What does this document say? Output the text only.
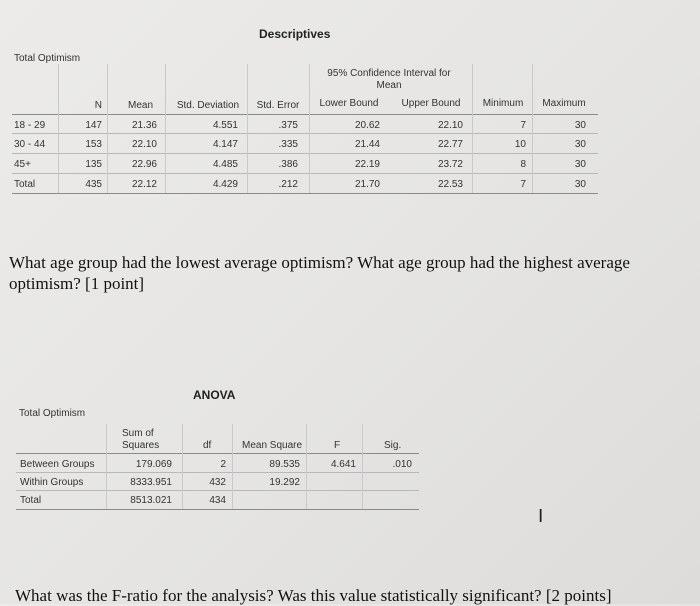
Descriptives
Total Optimism
95% Confidence Interval for
Mean
N	Mean	Std. Deviation	Std. Error	Lower Bound	Upper Bound	Minimum	Maximum
18 - 29	147	21.36	4.551	.375	20.62	22.10	7	30
30 - 44	153	22.10	4.147	.335	21.44	22.77	10	30
45+	135	22.96	4.485	.386	22.19	23.72	8	30
Total	435	22.12	4.429	.212	21.70	22.53	7	30
What age group had the lowest average optimism? What age group had the highest average optimism? [1 point]
ANOVA
Total Optimism
Sum of
Squares	df	Mean Square	F	Sig.
Between Groups	179.069	2	89.535	4.641	.010
Within Groups	8333.951	432	19.292
Total	8513.021	434
I
What was the F-ratio for the analysis? Was this value statistically significant? [2 points]
